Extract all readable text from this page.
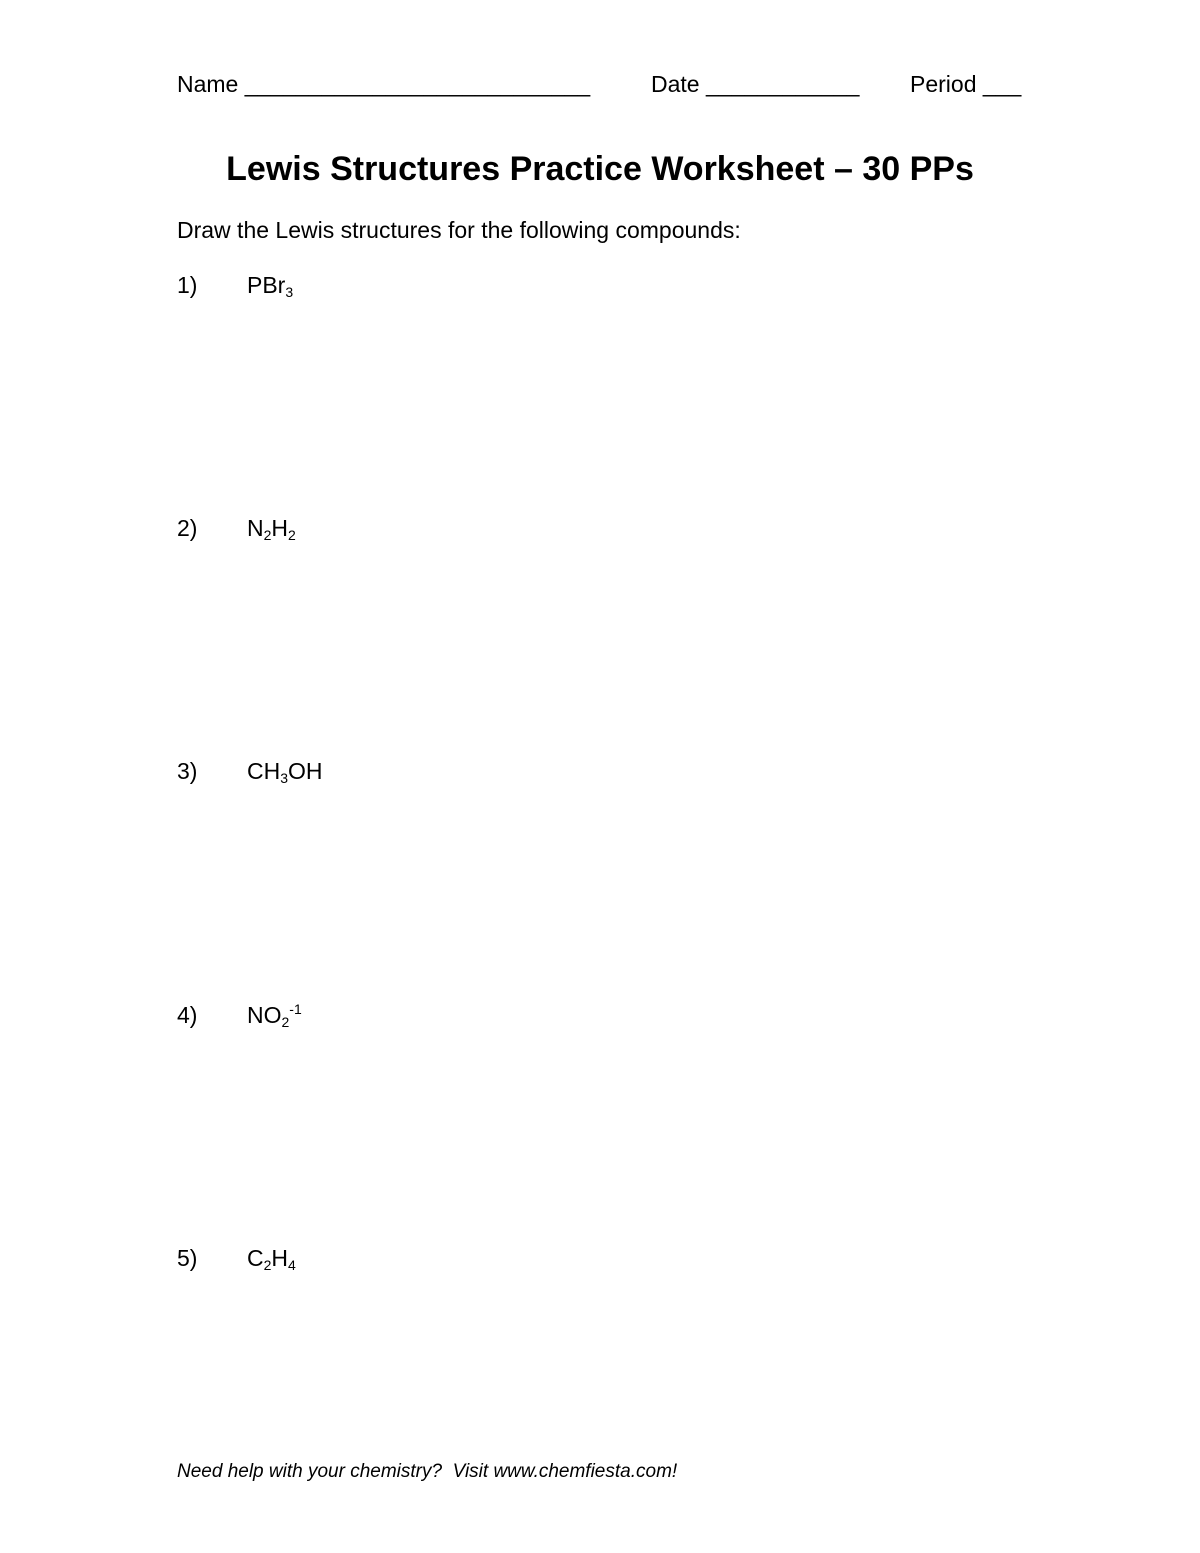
Name ___________________________	Date ____________ Period ___
Lewis Structures Practice Worksheet – 30 PPs
Draw the Lewis structures for the following compounds:
1) PBr$_3$
2) $N_2H_2$
3) $CH_3OH$
4) $NO_2^{-1}$
5) $C_2H_4$
Need help with your chemistry?  Visit www.chemfiesta.com!
